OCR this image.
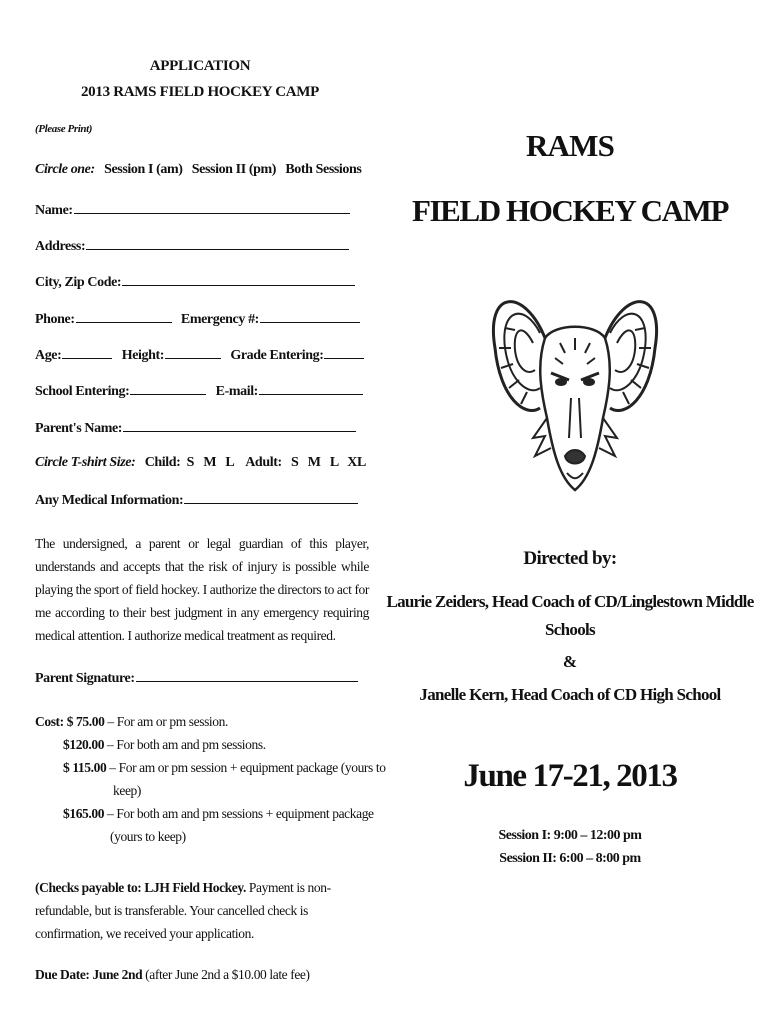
APPLICATION
2013 RAMS FIELD HOCKEY CAMP
(Please Print)
Circle one: Session I (am)   Session II (pm)   Both Sessions
Name:
Address:
City, Zip Code:
Phone:	Emergency #:
Age:	Height:	Grade Entering:
School Entering:	E-mail:
Parent's Name:
Circle T-shirt Size: Child:  S   M   L    Adult:   S   M   L   XL
Any Medical Information:
The undersigned, a parent or legal guardian of this player, understands and accepts that the risk of injury is possible while playing the sport of field hockey. I authorize the directors to act for me according to their best judgment in any emergency requiring medical attention. I authorize medical treatment as required.
Parent Signature:
Cost: $ 75.00 – For am or pm session.
$120.00 – For both am and pm sessions.
$ 115.00 – For am or pm session + equipment package (yours to
keep)
$165.00 – For both am and pm sessions + equipment package
(yours to keep)
(Checks payable to: LJH Field Hockey. Payment is non-refundable, but is transferable. Your cancelled check is confirmation, we received your application.
Due Date: June 2nd (after June 2nd a $10.00 late fee)
RAMS
FIELD HOCKEY CAMP
Directed by:
Laurie Zeiders, Head Coach of CD/Linglestown Middle
Schools
&
Janelle Kern, Head Coach of CD High School
June 17-21, 2013
Session I: 9:00 – 12:00 pm
Session II: 6:00 – 8:00 pm
